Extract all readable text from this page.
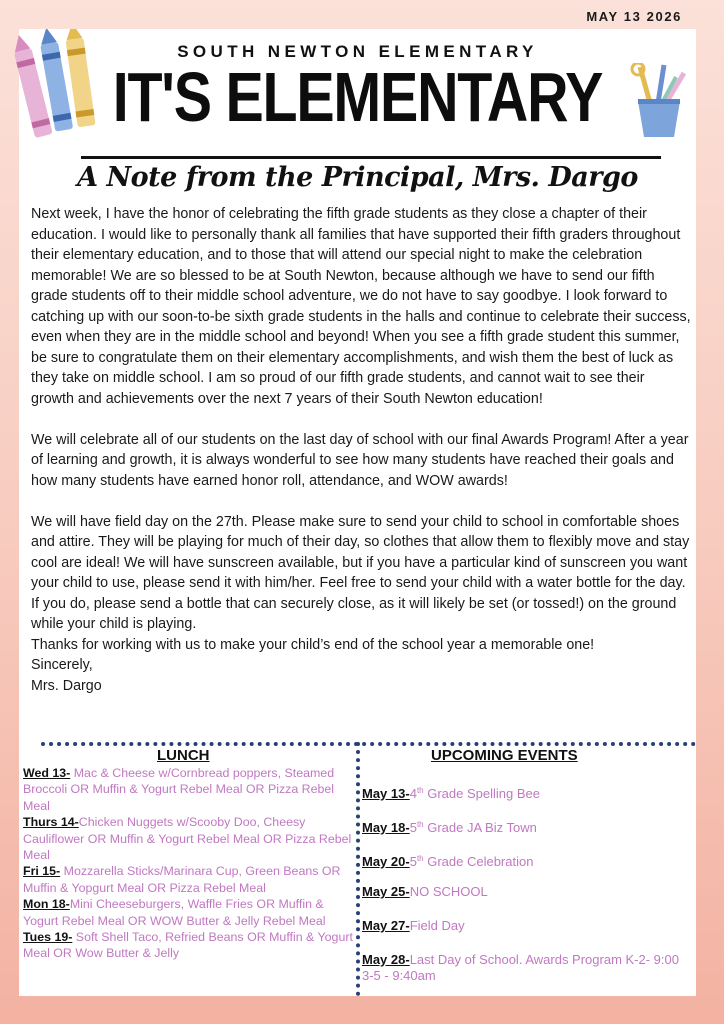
MAY 13 2026
SOUTH NEWTON ELEMENTARY
IT'S ELEMENTARY
A Note from the Principal, Mrs. Dargo

Next week, I have the honor of celebrating the fifth grade students as they close a chapter of their education. I would like to personally thank all families that have supported their fifth graders throughout their elementary education, and to those that will attend our special night to make the celebration memorable! We are so blessed to be at South Newton, because although we have to send our fifth grade students off to their middle school adventure, we do not have to say goodbye. I look forward to catching up with our soon-to-be sixth grade students in the halls and continue to celebrate their success, even when they are in the middle school and beyond! When you see a fifth grade student this summer, be sure to congratulate them on their elementary accomplishments, and wish them the best of luck as they take on middle school. I am so proud of our fifth grade students, and cannot wait to see their growth and achievements over the next 7 years of their South Newton education!

We will celebrate all of our students on the last day of school with our final Awards Program! After a year of learning and growth, it is always wonderful to see how many students have reached their goals and how many students have earned honor roll, attendance, and WOW awards!

We will have field day on the 27th. Please make sure to send your child to school in comfortable shoes and attire. They will be playing for much of their day, so clothes that allow them to flexibly move and stay cool are ideal! We will have sunscreen available, but if you have a particular kind of sunscreen you want your child to use, please send it with him/her. Feel free to send your child with a water bottle for the day. If you do, please send a bottle that can securely close, as it will likely be set (or tossed!) on the ground while your child is playing.

Thanks for working with us to make your child’s end of the school year a memorable one!

Sincerely,

Mrs. Dargo

LUNCH	UPCOMING EVENTS
Wed 13- Mac & Cheese w/Cornbread poppers, Steamed Broccoli OR Muffin & Yogurt Rebel Meal OR Pizza Rebel Meal
Thurs 14-Chicken Nuggets w/Scooby Doo, Cheesy Cauliflower OR Muffin & Yogurt Rebel Meal OR Pizza Rebel Meal
Fri 15- Mozzarella Sticks/Marinara Cup, Green Beans OR Muffin & Yopgurt Meal OR Pizza Rebel Meal
Mon 18-Mini Cheeseburgers, Waffle Fries OR Muffin & Yogurt Rebel Meal OR WOW Butter & Jelly Rebel Meal
Tues 19- Soft Shell Taco, Refried Beans OR Muffin & Yogurt Meal OR Wow Butter & Jelly
May 13-4th Grade Spelling Bee
May 18-5th Grade JA Biz Town
May 20-5th Grade Celebration
May 25-NO SCHOOL
May 27-Field Day
May 28-Last Day of School. Awards Program K-2- 9:00 3-5 - 9:40am
